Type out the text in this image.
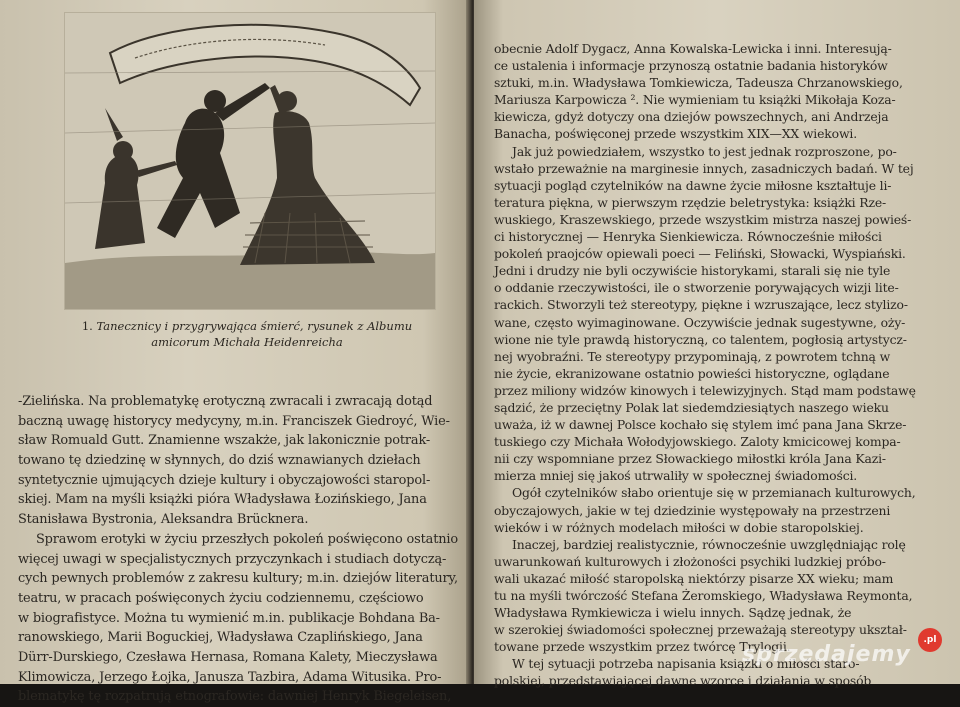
1. Tanecznicy i przygrywająca śmierć, rysunek z Albumu
amicorum Michała Heidenreicha
-Zielińska. Na problematykę erotyczną zwracali i zwracają dotąd
baczną uwagę historycy medycyny, m.in. Franciszek Giedroyć, Wie-
sław Romuald Gutt. Znamienne wszakże, jak lakonicznie potrak-
towano tę dziedzinę w słynnych, do dziś wznawianych dziełach
syntetycznie ujmujących dzieje kultury i obyczajowości staropol-
skiej. Mam na myśli książki pióra Władysława Łozińskiego, Jana
Stanisława Bystronia, Aleksandra Brücknera.
Sprawom erotyki w życiu przeszłych pokoleń poświęcono ostatnio
więcej uwagi w specjalistycznych przyczynkach i studiach dotyczą-
cych pewnych problemów z zakresu kultury; m.in. dziejów literatury,
teatru, w pracach poświęconych życiu codziennemu, częściowo
w biografistyce. Można tu wymienić m.in. publikacje Bohdana Ba-
ranowskiego, Marii Boguckiej, Władysława Czaplińskiego, Jana
Dürr-Durskiego, Czesława Hernasa, Romana Kalety, Mieczysława
Klimowicza, Jerzego Łojka, Janusza Tazbira, Adama Witusika. Pro-
blematykę tę rozpatrują etnografowie: dawniej Henryk Biegeleisen,
obecnie Adolf Dygacz, Anna Kowalska-Lewicka i inni. Interesują-
ce ustalenia i informacje przynoszą ostatnie badania historyków
sztuki, m.in. Władysława Tomkiewicza, Tadeusza Chrzanowskiego,
Mariusza Karpowicza ². Nie wymieniam tu książki Mikołaja Koza-
kiewicza, gdyż dotyczy ona dziejów powszechnych, ani Andrzeja
Banacha, poświęconej przede wszystkim XIX—XX wiekowi.
Jak już powiedziałem, wszystko to jest jednak rozproszone, po-
wstało przeważnie na marginesie innych, zasadniczych badań. W tej
sytuacji pogląd czytelników na dawne życie miłosne kształtuje li-
teratura piękna, w pierwszym rzędzie beletrystyka: książki Rze-
wuskiego, Kraszewskiego, przede wszystkim mistrza naszej powieś-
ci historycznej — Henryka Sienkiewicza. Równocześnie miłości
pokoleń praojców opiewali poeci — Feliński, Słowacki, Wyspiański.
Jedni i drudzy nie byli oczywiście historykami, starali się nie tyle
o oddanie rzeczywistości, ile o stworzenie porywających wizji lite-
rackich. Stworzyli też stereotypy, piękne i wzruszające, lecz stylizo-
wane, często wyimaginowane. Oczywiście jednak sugestywne, oży-
wione nie tyle prawdą historyczną, co talentem, pogłosią artystycz-
nej wyobraźni. Te stereotypy przypominają, z powrotem tchną w
nie życie, ekranizowane ostatnio powieści historyczne, oglądane
przez miliony widzów kinowych i telewizyjnych. Stąd mam podstawę
sądzić, że przeciętny Polak lat siedemdziesiątych naszego wieku
uważa, iż w dawnej Polsce kochało się stylem imć pana Jana Skrze-
tuskiego czy Michała Wołodyjowskiego. Zaloty kmicicowej kompa-
nii czy wspomniane przez Słowackiego miłostki króla Jana Kazi-
mierza mniej się jakoś utrwaliły w społecznej świadomości.
Ogół czytelników słabo orientuje się w przemianach kulturowych,
obyczajowych, jakie w tej dziedzinie występowały na przestrzeni
wieków i w różnych modelach miłości w dobie staropolskiej.
Inaczej, bardziej realistycznie, równocześnie uwzględniając rolę
uwarunkowań kulturowych i złożoności psychiki ludzkiej próbo-
wali ukazać miłość staropolską niektórzy pisarze XX wieku; mam
tu na myśli twórczość Stefana Żeromskiego, Władysława Reymonta,
Władysława Rymkiewicza i wielu innych. Sądzę jednak, że
w szerokiej świadomości społecznej przeważają stereotypy ukształ-
towane przede wszystkim przez twórcę Trylogii.
W tej sytuacji potrzeba napisania książki o miłości staro-
polskiej, przedstawiającej dawne wzorce i działania w sposób
sprzedajemy
.pl
